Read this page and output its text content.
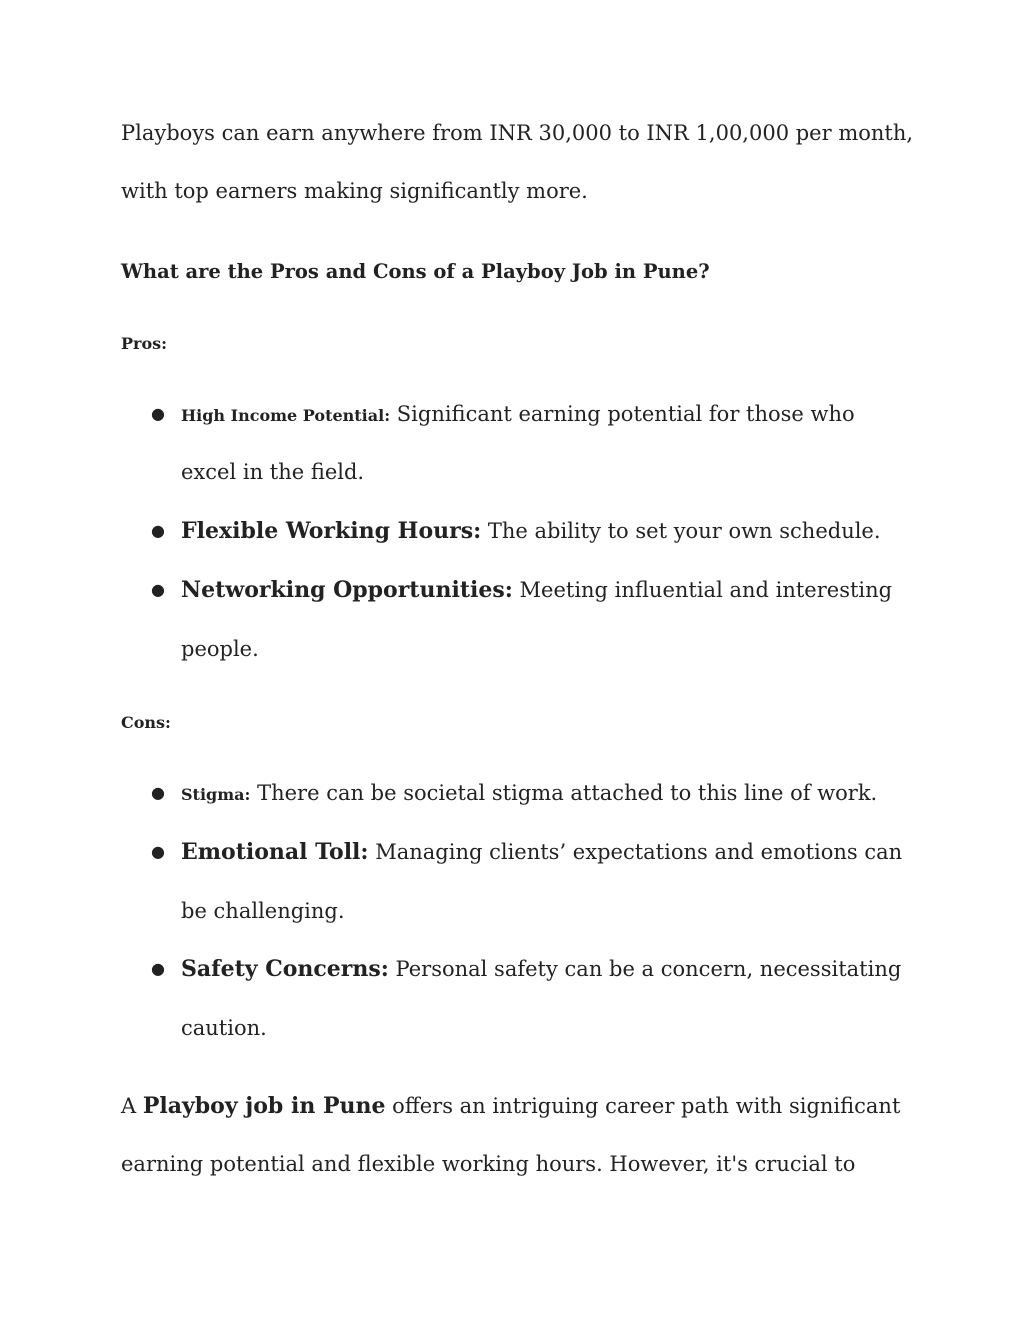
Playboys can earn anywhere from INR 30,000 to INR 1,00,000 per month,
with top earners making significantly more.
What are the Pros and Cons of a Playboy Job in Pune?
Pros:
● High Income Potential: Significant earning potential for those who
excel in the field.
● Flexible Working Hours: The ability to set your own schedule.
● Networking Opportunities: Meeting influential and interesting
people.
Cons:
● Stigma: There can be societal stigma attached to this line of work.
● Emotional Toll: Managing clients’ expectations and emotions can
be challenging.
● Safety Concerns: Personal safety can be a concern, necessitating
caution.
A Playboy job in Pune offers an intriguing career path with significant
earning potential and flexible working hours. However, it's crucial to
